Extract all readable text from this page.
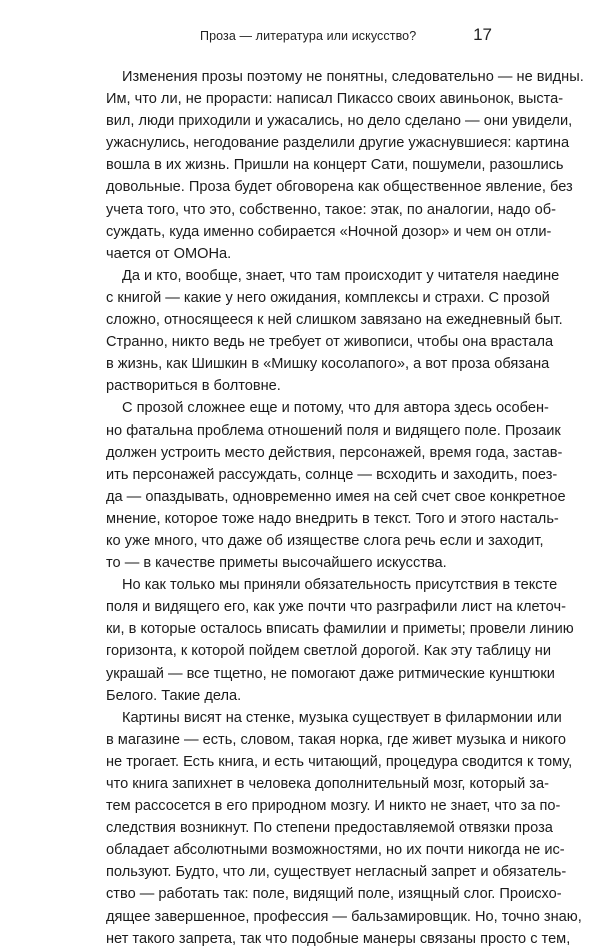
Проза — литература или искусство?	17
Изменения прозы поэтому не понятны, следовательно — не видны.
Им, что ли, не прорасти: написал Пикассо своих авиньонок, выста-
вил, люди приходили и ужасались, но дело сделано — они увидели,
ужаснулись, негодование разделили другие ужаснувшиеся: картина
вошла в их жизнь. Пришли на концерт Сати, пошумели, разошлись
довольные. Проза будет обговорена как общественное явление, без
учета того, что это, собственно, такое: этак, по аналогии, надо об-
суждать, куда именно собирается «Ночной дозор» и чем он отли-
чается от ОМОНа.
Да и кто, вообще, знает, что там происходит у читателя наедине
с книгой — какие у него ожидания, комплексы и страхи. С прозой
сложно, относящееся к ней слишком завязано на ежедневный быт.
Странно, никто ведь не требует от живописи, чтобы она врастала
в жизнь, как Шишкин в «Мишку косолапого», а вот проза обязана
раствориться в болтовне.
С прозой сложнее еще и потому, что для автора здесь особен-
но фатальна проблема отношений поля и видящего поле. Прозаик
должен устроить место действия, персонажей, время года, застав-
ить персонажей рассуждать, солнце — всходить и заходить, поез-
да — опаздывать, одновременно имея на сей счет свое конкретное
мнение, которое тоже надо внедрить в текст. Того и этого насталь-
ко уже много, что даже об изяществе слога речь если и заходит,
то — в качестве приметы высочайшего искусства.
Но как только мы приняли обязательность присутствия в тексте
поля и видящего его, как уже почти что разграфили лист на клеточ-
ки, в которые осталось вписать фамилии и приметы; провели линию
горизонта, к которой пойдем светлой дорогой. Как эту таблицу ни
украшай — все тщетно, не помогают даже ритмические кунштюки
Белого. Такие дела.
Картины висят на стенке, музыка существует в филармонии или
в магазине — есть, словом, такая норка, где живет музыка и никого
не трогает. Есть книга, и есть читающий, процедура сводится к тому,
что книга запихнет в человека дополнительный мозг, который за-
тем рассосется в его природном мозгу. И никто не знает, что за по-
следствия возникнут. По степени предоставляемой отвязки проза
обладает абсолютными возможностями, но их почти никогда не ис-
пользуют. Будто, что ли, существует негласный запрет и обязатель-
ство — работать так: поле, видящий поле, изящный слог. Происхо-
дящее завершенное, профессия — бальзамировщик. Но, точно знаю,
нет такого запрета, так что подобные манеры связаны просто с тем,
